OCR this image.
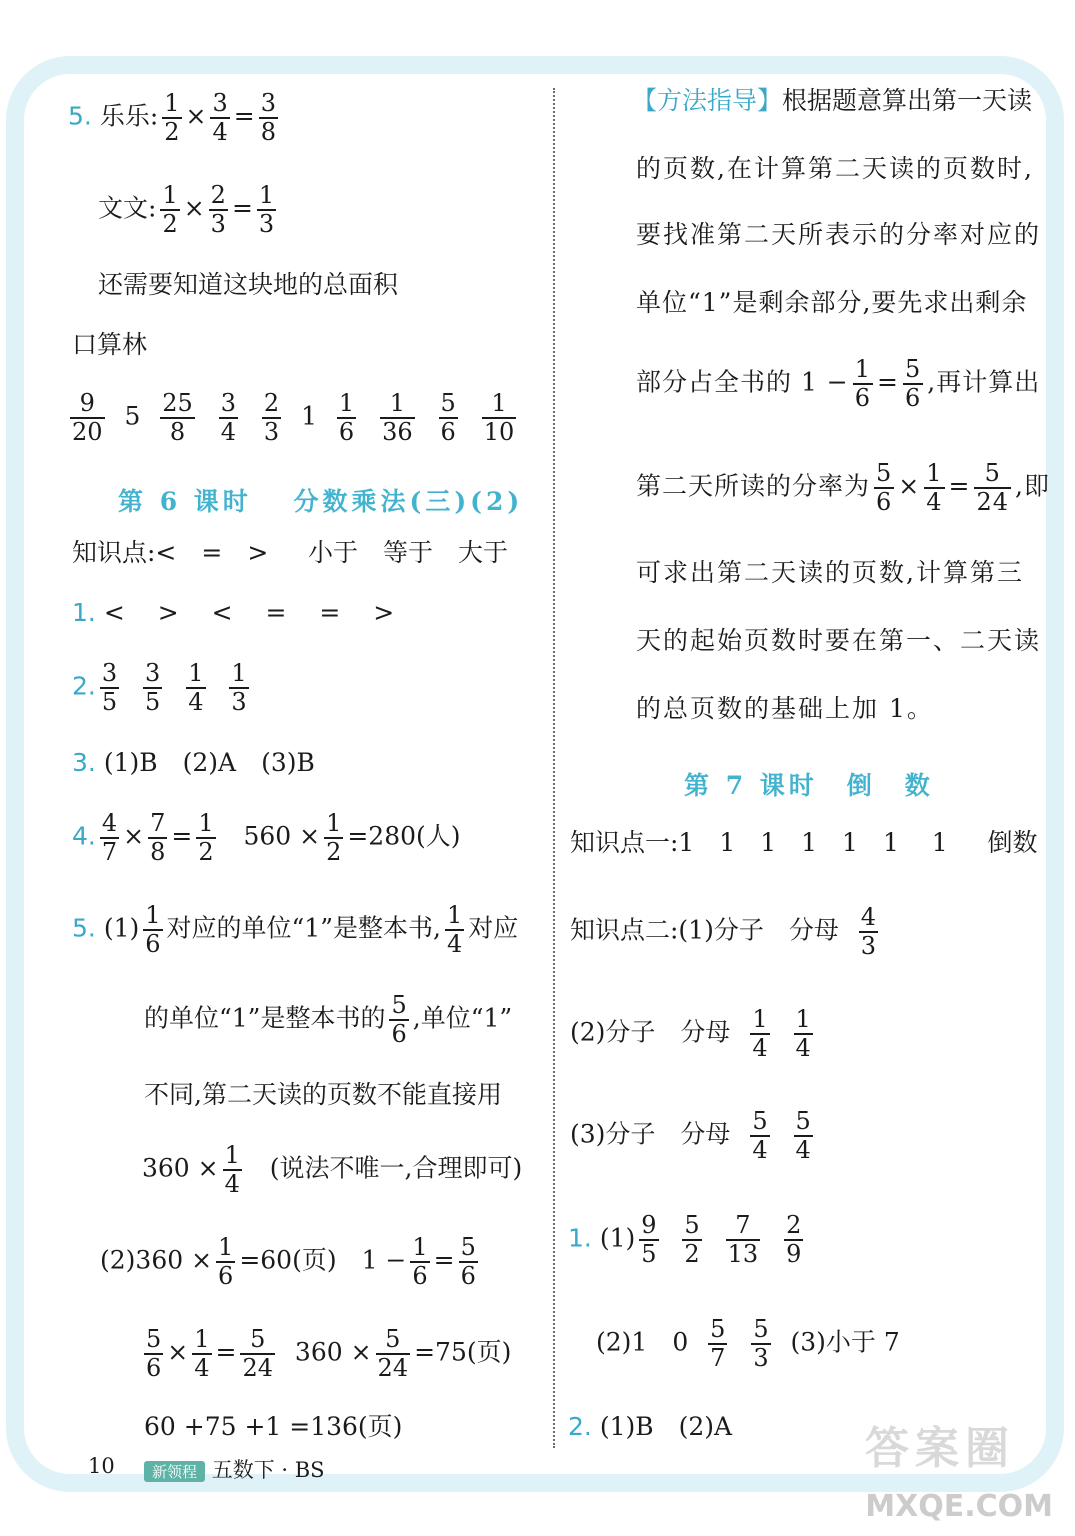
5. 乐乐: $\frac{1}{2} \times \frac{3}{4} = \frac{3}{8}$
文文: $\frac{1}{2} \times \frac{2}{3} = \frac{1}{3}$
还需要知道这块地的总面积
口算林
$\frac{9}{20} 5 \frac{25}{8}$
$\frac{3}{4}$
$\frac{2}{3} 1 \frac{1}{6}$
$\frac{1}{36}$
$\frac{5}{6}$
$\frac{1}{10}$
第 6 课时　 分数乘法(三)(2)
知识点:<　=　> 小于　等于　大于
1. <　 >　 <　 =　 =　 >
2. $\frac{3}{5}$
$\frac{3}{5}$
$\frac{1}{4}$
$\frac{1}{3}$
3. (1)B　(2)A　(3)B
4. $\frac{4}{7} \times \frac{7}{8} = \frac{1}{2} 560 \times \frac{1}{2} =280$(人)
5. $(1) \frac{1}{6}$ 对应的单位“1”是整本书, $\frac{1}{4}$ 对应
的单位“1”是整本书的 $\frac{5}{6}$ ,单位“1”
不同,第二天读的页数不能直接用
$360 \times \frac{1}{4}$ (说法不唯一,合理即可)
$(2)360 \times \frac{1}{6} =60$(页)　$1 - \frac{1}{6} = \frac{5}{6}$
$\frac{5}{6} \times \frac{1}{4} = \frac{5}{24} 360 \times \frac{5}{24} =75$(页)
60 +75 +1 =136(页)
【方法指导】根据题意算出第一天读
的页数,在计算第二天读的页数时,
要找准第二天所表示的分率对应的
单位“1”是剩余部分,要先求出剩余
部分占全书的 $1 - \frac{1}{6} = \frac{5}{6}$ ,再计算出
第二天所读的分率为 $\frac{5}{6} \times \frac{1}{4} = \frac{5}{24}$ ,即
可求出第二天读的页数,计算第三
天的起始页数时要在第一、二天读
的总页数的基础上加 1。
第 7 课时　倒　数
知识点一:1　1　1　1　1　1　 1 倒数
知识点二:(1)分子　分母 $\frac{4}{3}$
(2)分子　分母 $\frac{1}{4}$
$\frac{1}{4}$
(3)分子　分母 $\frac{5}{4}$
$\frac{5}{4}$
1. $(1) \frac{9}{5}$
$\frac{5}{2}$
$\frac{7}{13}$
$\frac{2}{9}$
(2)1　$0 \frac{5}{7}$
$\frac{5}{3} (3)$小于 7
2. (1)B　(2)A
10	新领程 五数下 · BS	答案圈
MXQE.COM
